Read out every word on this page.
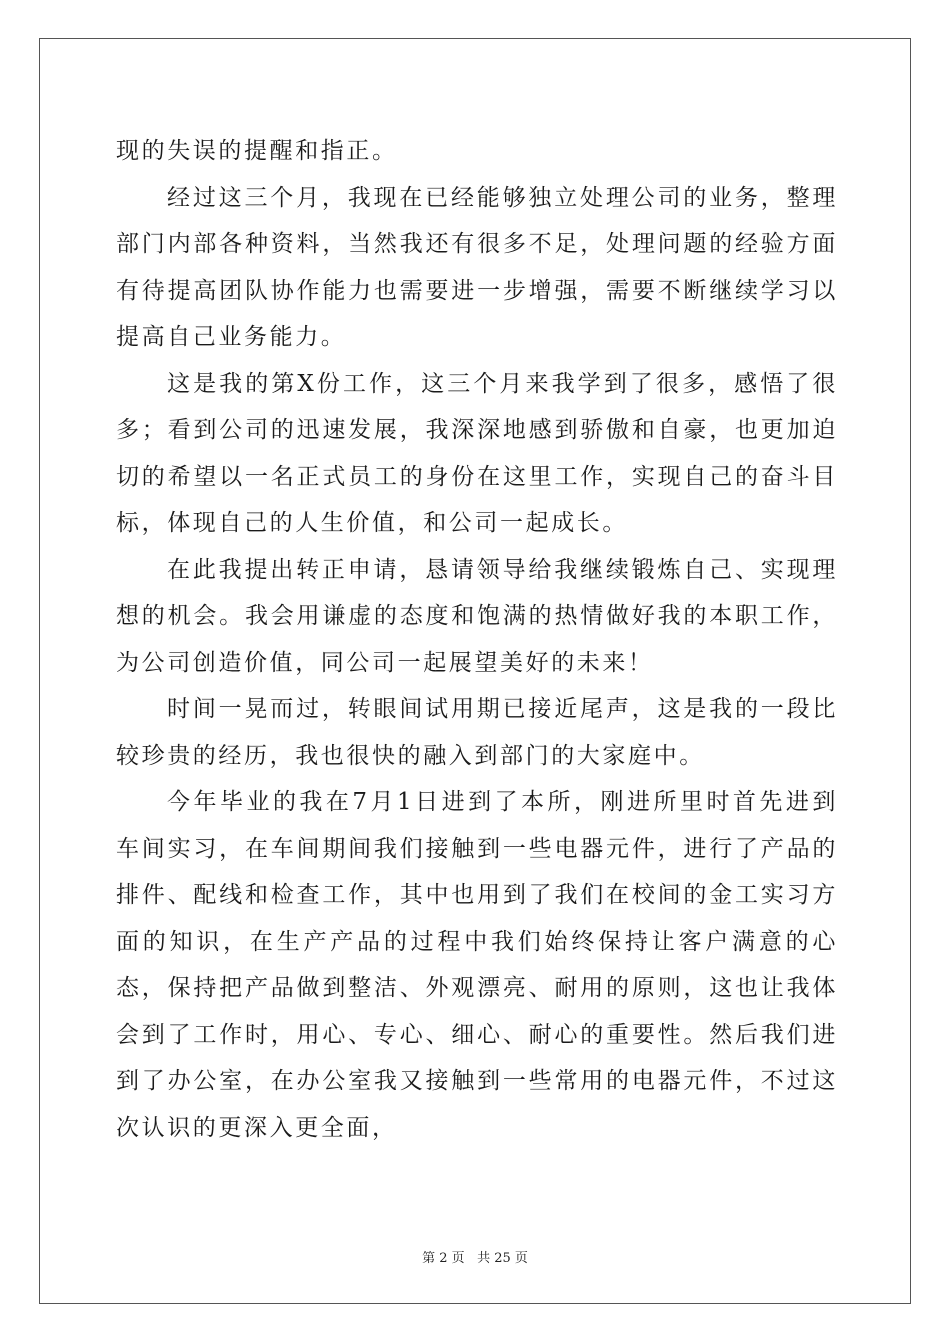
现的失误的提醒和指正。

经过这三个月，我现在已经能够独立处理公司的业务，整理部门内部各种资料，当然我还有很多不足，处理问题的经验方面有待提高团队协作能力也需要进一步增强，需要不断继续学习以提高自己业务能力。

这是我的第X份工作，这三个月来我学到了很多，感悟了很多；看到公司的迅速发展，我深深地感到骄傲和自豪，也更加迫切的希望以一名正式员工的身份在这里工作，实现自己的奋斗目标，体现自己的人生价值，和公司一起成长。

在此我提出转正申请，恳请领导给我继续锻炼自己、实现理想的机会。我会用谦虚的态度和饱满的热情做好我的本职工作，为公司创造价值，同公司一起展望美好的未来！

时间一晃而过，转眼间试用期已接近尾声，这是我的一段比较珍贵的经历，我也很快的融入到部门的大家庭中。

今年毕业的我在7月1日进到了本所，刚进所里时首先进到车间实习，在车间期间我们接触到一些电器元件，进行了产品的排件、配线和检查工作，其中也用到了我们在校间的金工实习方面的知识，在生产产品的过程中我们始终保持让客户满意的心态，保持把产品做到整洁、外观漂亮、耐用的原则，这也让我体会到了工作时，用心、专心、细心、耐心的重要性。然后我们进到了办公室，在办公室我又接触到一些常用的电器元件，不过这次认识的更深入更全面，

第 2 页 共 25 页
